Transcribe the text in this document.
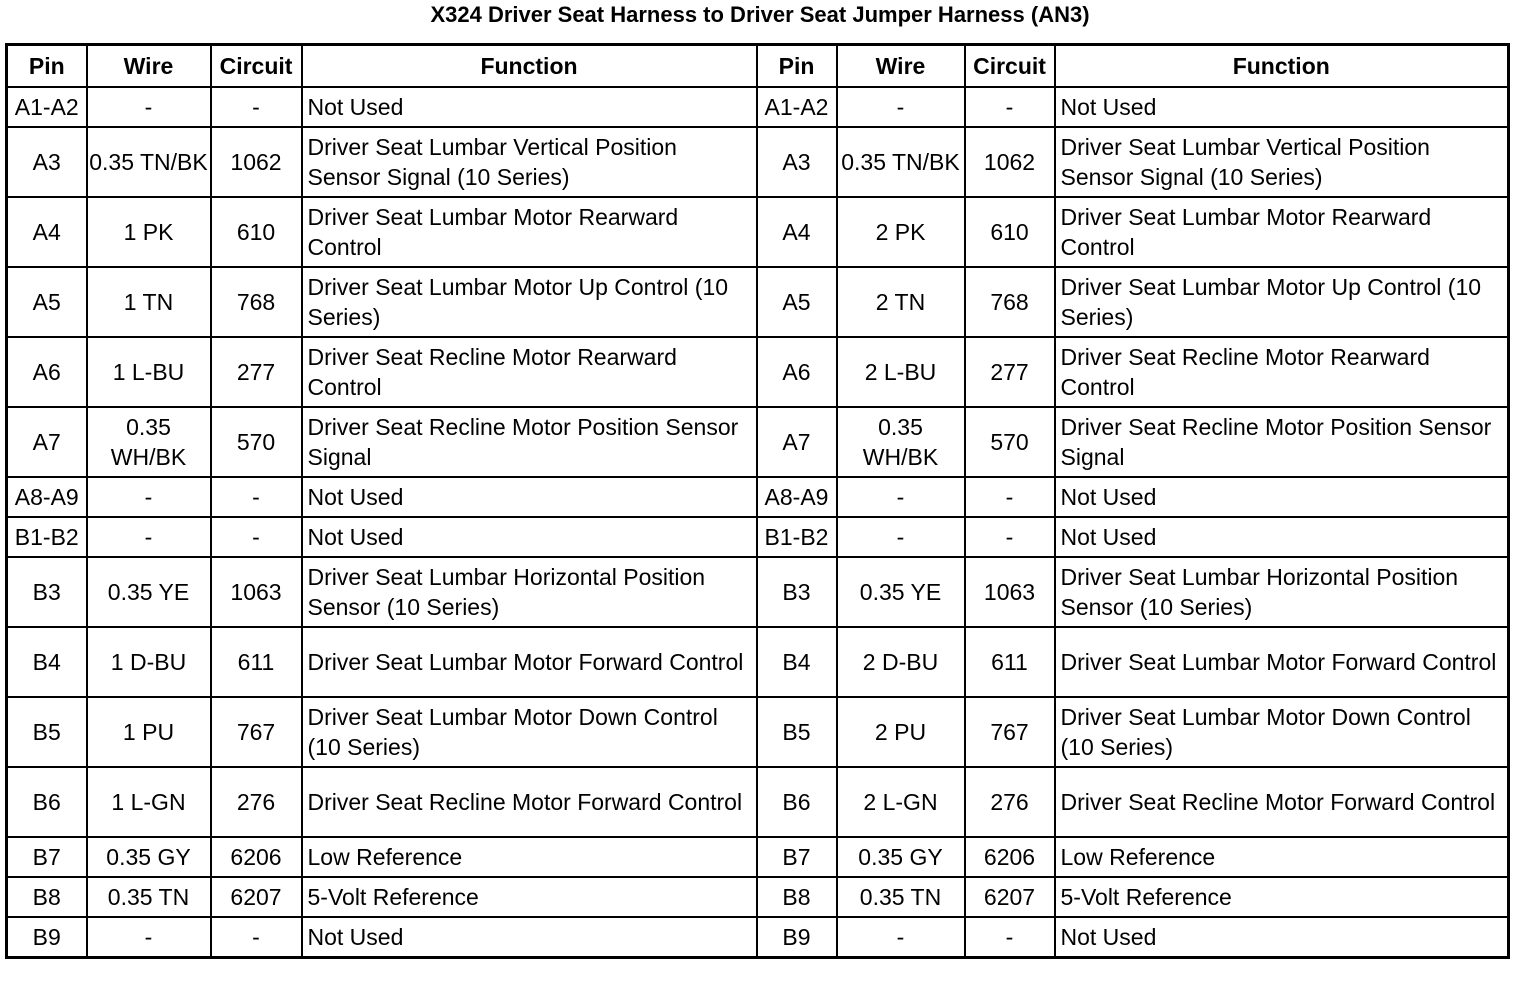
X324 Driver Seat Harness to Driver Seat Jumper Harness (AN3)
Pin	Wire	Circuit	Function	Pin	Wire	Circuit	Function
A1-A2	-	-	Not Used	A1-A2	-	-	Not Used
A3	0.35 TN/BK	1062	Driver Seat Lumbar Vertical Position Sensor Signal (10 Series)	A3	0.35 TN/BK	1062	Driver Seat Lumbar Vertical Position Sensor Signal (10 Series)
A4	1 PK	610	Driver Seat Lumbar Motor Rearward Control	A4	2 PK	610	Driver Seat Lumbar Motor Rearward Control
A5	1 TN	768	Driver Seat Lumbar Motor Up Control (10 Series)	A5	2 TN	768	Driver Seat Lumbar Motor Up Control (10 Series)
A6	1 L-BU	277	Driver Seat Recline Motor Rearward Control	A6	2 L-BU	277	Driver Seat Recline Motor Rearward Control
A7	0.35 WH/BK	570	Driver Seat Recline Motor Position Sensor Signal	A7	0.35 WH/BK	570	Driver Seat Recline Motor Position Sensor Signal
A8-A9	-	-	Not Used	A8-A9	-	-	Not Used
B1-B2	-	-	Not Used	B1-B2	-	-	Not Used
B3	0.35 YE	1063	Driver Seat Lumbar Horizontal Position Sensor (10 Series)	B3	0.35 YE	1063	Driver Seat Lumbar Horizontal Position Sensor (10 Series)
B4	1 D-BU	611	Driver Seat Lumbar Motor Forward Control	B4	2 D-BU	611	Driver Seat Lumbar Motor Forward Control
B5	1 PU	767	Driver Seat Lumbar Motor Down Control (10 Series)	B5	2 PU	767	Driver Seat Lumbar Motor Down Control (10 Series)
B6	1 L-GN	276	Driver Seat Recline Motor Forward Control	B6	2 L-GN	276	Driver Seat Recline Motor Forward Control
B7	0.35 GY	6206	Low Reference	B7	0.35 GY	6206	Low Reference
B8	0.35 TN	6207	5-Volt Reference	B8	0.35 TN	6207	5-Volt Reference
B9	-	-	Not Used	B9	-	-	Not Used
